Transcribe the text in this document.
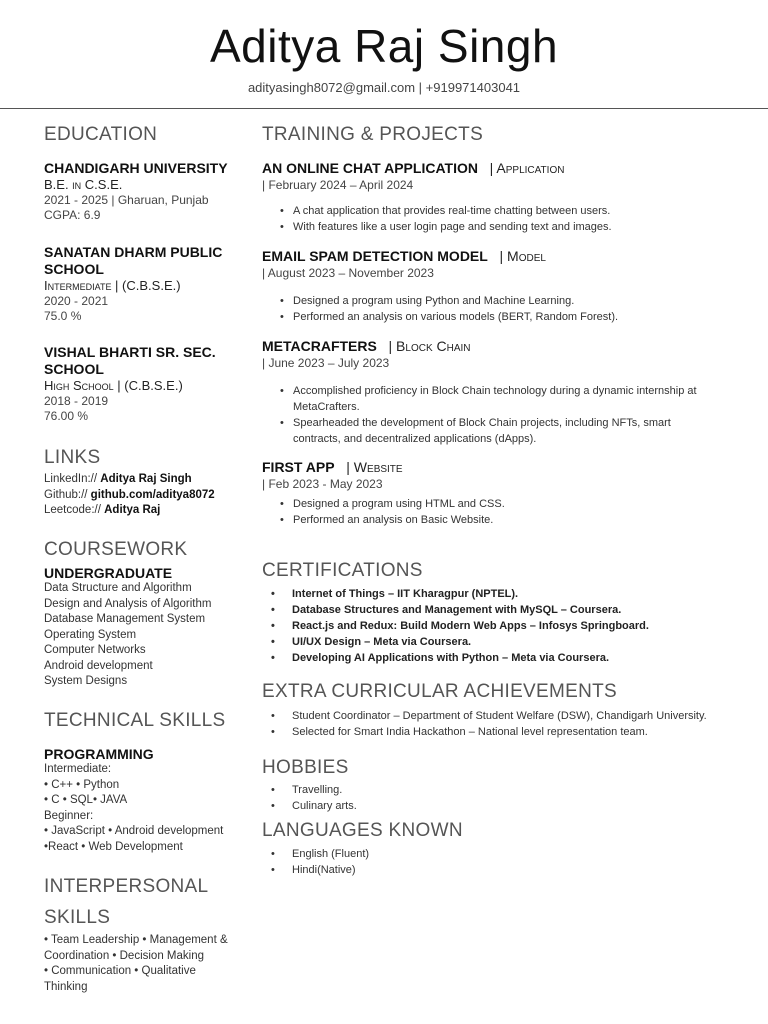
Aditya Raj Singh
adityasingh8072@gmail.com | +919971403041
EDUCATION
CHANDIGARH UNIVERSITY
B.E. in C.S.E.
2021 - 2025 | Gharuan, Punjab
CGPA: 6.9
SANATAN DHARM PUBLIC SCHOOL
Intermediate | (C.B.S.E.)
2020 - 2021
75.0 %
VISHAL BHARTI SR. SEC. SCHOOL
High School | (C.B.S.E.)
2018 - 2019
76.00 %
LINKS
LinkedIn:// Aditya Raj Singh
Github:// github.com/aditya8072
Leetcode:// Aditya Raj
COURSEWORK
UNDERGRADUATE
Data Structure and Algorithm
Design and Analysis of Algorithm
Database Management System
Operating System
Computer Networks
Android development
System Designs
TECHNICAL SKILLS
PROGRAMMING
Intermediate:
• C++ • Python
• C • SQL• JAVA
Beginner:
• JavaScript • Android development
•React • Web Development
INTERPERSONAL
SKILLS
• Team Leadership • Management &
Coordination • Decision Making
• Communication • Qualitative
Thinking
TRAINING & PROJECTS
AN ONLINE CHAT APPLICATION | Application
| February 2024 – April 2024
• A chat application that provides real-time chatting between users.
• With features like a user login page and sending text and images.
EMAIL SPAM DETECTION MODEL | Model
| August 2023 – November 2023
• Designed a program using Python and Machine Learning.
• Performed an analysis on various models (BERT, Random Forest).
METACRAFTERS | Block Chain
| June 2023 – July 2023
• Accomplished proficiency in Block Chain technology during a dynamic internship at MetaCrafters.
• Spearheaded the development of Block Chain projects, including NFTs, smart contracts, and decentralized applications (dApps).
FIRST APP | Website
| Feb 2023 - May 2023
• Designed a program using HTML and CSS.
• Performed an analysis on Basic Website.
CERTIFICATIONS
• Internet of Things – IIT Kharagpur (NPTEL).
• Database Structures and Management with MySQL – Coursera.
• React.js and Redux: Build Modern Web Apps – Infosys Springboard.
• UI/UX Design – Meta via Coursera.
• Developing AI Applications with Python – Meta via Coursera.
EXTRA CURRICULAR ACHIEVEMENTS
• Student Coordinator – Department of Student Welfare (DSW), Chandigarh University.
• Selected for Smart India Hackathon – National level representation team.
HOBBIES
• Travelling.
• Culinary arts.
LANGUAGES KNOWN
• English (Fluent)
• Hindi(Native)
